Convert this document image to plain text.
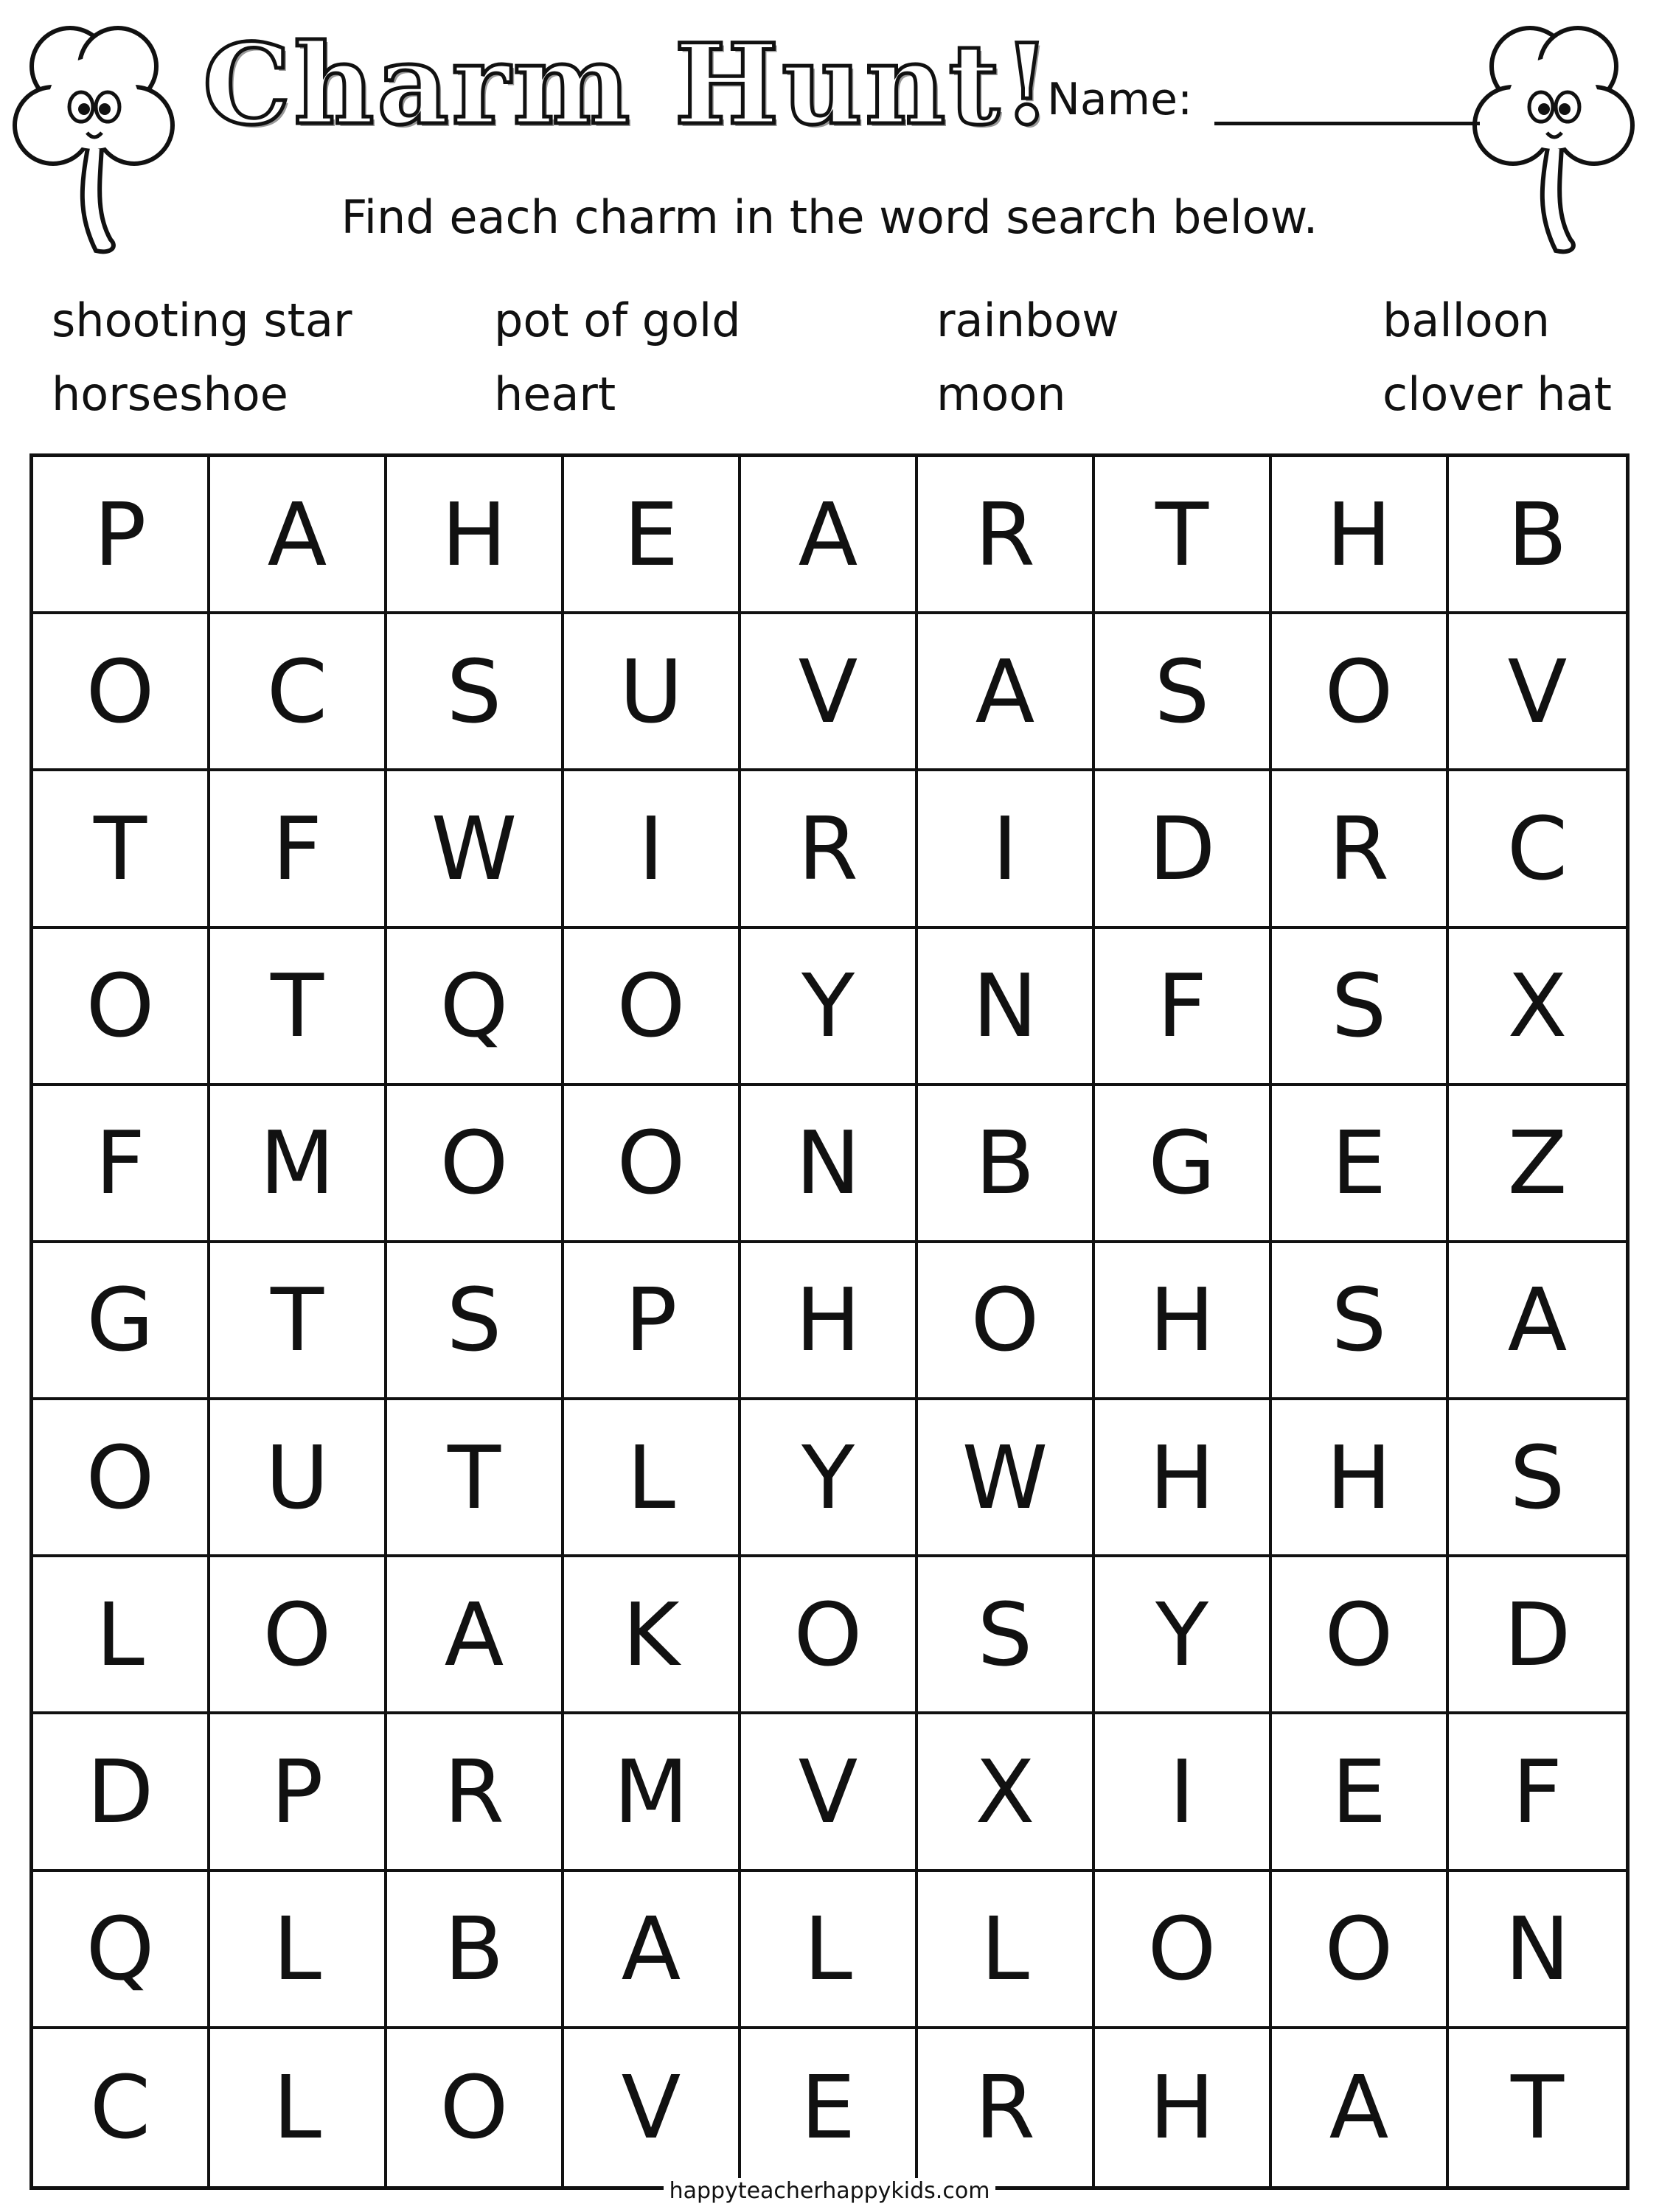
Charm Hunt!
Name:
Find each charm in the word search below.
shooting star	pot of gold	rainbow	balloon
horseshoe	heart	moon	clover hat
P	A	H	E	A	R	T	H	B
O	C	S	U	V	A	S	O	V
T	F	W	I	R	I	D	R	C
O	T	Q	O	Y	N	F	S	X
F	M	O	O	N	B	G	E	Z
G	T	S	P	H	O	H	S	A
O	U	T	L	Y	W	H	H	S
L	O	A	K	O	S	Y	O	D
D	P	R	M	V	X	I	E	F
Q	L	B	A	L	L	O	O	N
C	L	O	V	E	R	H	A	T
happyteacherhappykids.com
